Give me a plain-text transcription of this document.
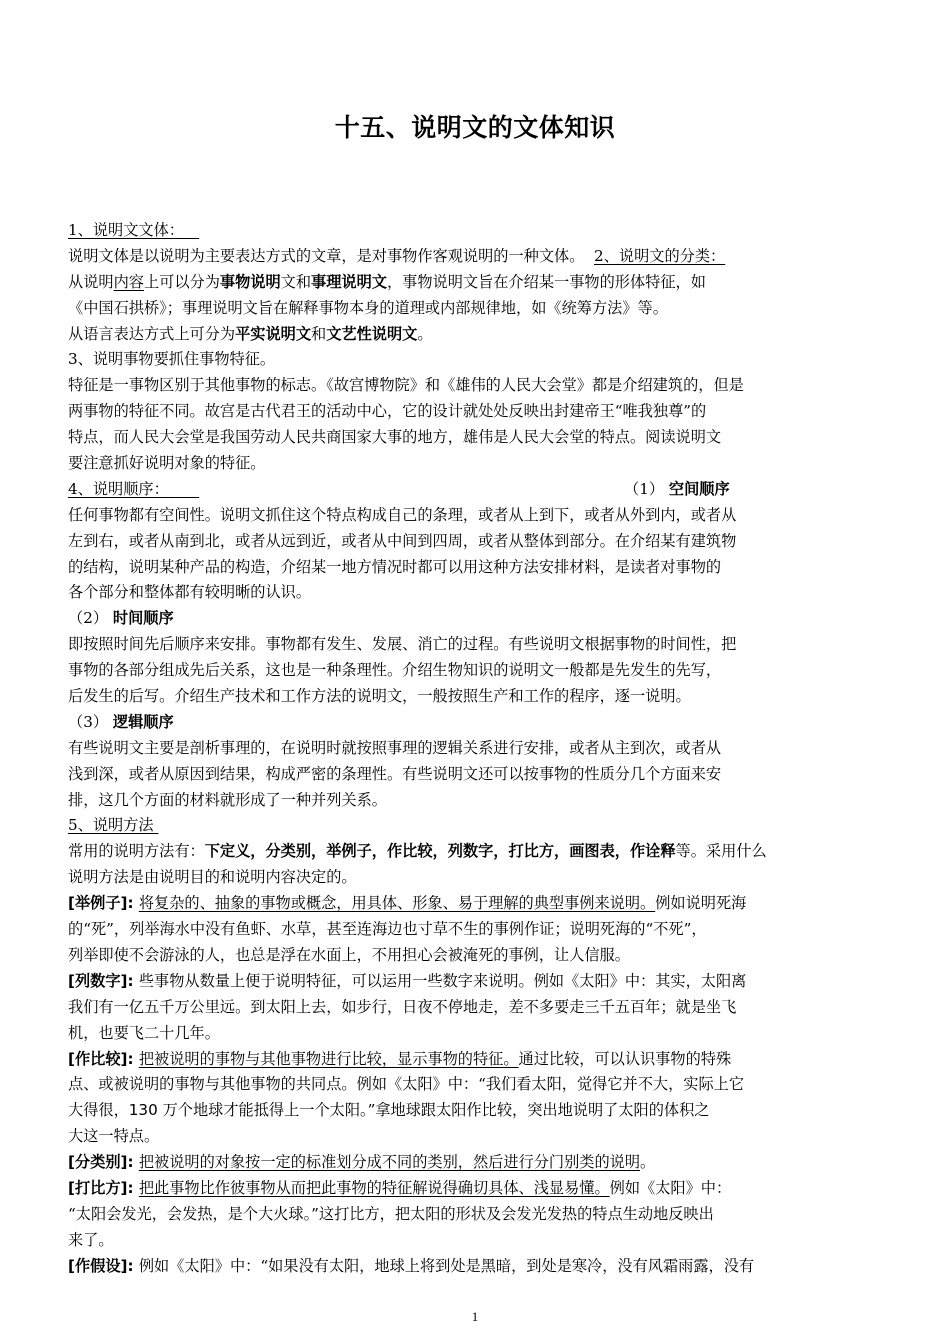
十五、说明文的文体知识
1、说明文文体： 
说明文体是以说明为主要表达方式的文章，是对事物作客观说明的一种文体。 2、说明文的分类：
从说明内容上可以分为事物说明文和事理说明文，事物说明文旨在介绍某一事物的形体特征，如
《中国石拱桥》；事理说明文旨在解释事物本身的道理或内部规律地，如《统筹方法》等。
从语言表达方式上可分为平实说明文和文艺性说明文。
3、说明事物要抓住事物特征。
特征是一事物区别于其他事物的标志。《故宫博物院》和《雄伟的人民大会堂》都是介绍建筑的，但是
两事物的特征不同。故宫是古代君王的活动中心，它的设计就处处反映出封建帝王“唯我独尊”的
特点，而人民大会堂是我国劳动人民共商国家大事的地方，雄伟是人民大会堂的特点。阅读说明文
要注意抓好说明对象的特征。
4、说明顺序：  	（1） 空间顺序
任何事物都有空间性。说明文抓住这个特点构成自己的条理，或者从上到下，或者从外到内，或者从
左到右，或者从南到北，或者从远到近，或者从中间到四周，或者从整体到部分。在介绍某有建筑物
的结构，说明某种产品的构造，介绍某一地方情况时都可以用这种方法安排材料，是读者对事物的
各个部分和整体都有较明晰的认识。
（2） 时间顺序
即按照时间先后顺序来安排。事物都有发生、发展、消亡的过程。有些说明文根据事物的时间性，把
事物的各部分组成先后关系，这也是一种条理性。介绍生物知识的说明文一般都是先发生的先写，
后发生的后写。介绍生产技术和工作方法的说明文，一般按照生产和工作的程序，逐一说明。
（3） 逻辑顺序
有些说明文主要是剖析事理的，在说明时就按照事理的逻辑关系进行安排，或者从主到次，或者从
浅到深，或者从原因到结果，构成严密的条理性。有些说明文还可以按事物的性质分几个方面来安
排，这几个方面的材料就形成了一种并列关系。
5、说明方法
常用的说明方法有：下定义，分类别，举例子，作比较，列数字，打比方，画图表，作诠释等。采用什么
说明方法是由说明目的和说明内容决定的。
[举例子]: 将复杂的、抽象的事物或概念，用具体、形象、易于理解的典型事例来说明。例如说明死海
的“死”，列举海水中没有鱼虾、水草，甚至连海边也寸草不生的事例作证；说明死海的“不死”，
列举即使不会游泳的人，也总是浮在水面上，不用担心会被淹死的事例，让人信服。
[列数字]: 些事物从数量上便于说明特征，可以运用一些数字来说明。例如《太阳》中：其实，太阳离
我们有一亿五千万公里远。到太阳上去，如步行，日夜不停地走，差不多要走三千五百年；就是坐飞
机，也要飞二十几年。
[作比较]: 把被说明的事物与其他事物进行比较，显示事物的特征。通过比较，可以认识事物的特殊
点、或被说明的事物与其他事物的共同点。例如《太阳》中：“我们看太阳，觉得它并不大，实际上它
大得很，130 万个地球才能抵得上一个太阳。”拿地球跟太阳作比较，突出地说明了太阳的体积之
大这一特点。
[分类别]: 把被说明的对象按一定的标准划分成不同的类别，然后进行分门别类的说明。
[打比方]: 把此事物比作彼事物从而把此事物的特征解说得确切具体、浅显易懂。例如《太阳》中：
“太阳会发光，会发热，是个大火球。”这打比方，把太阳的形状及会发光发热的特点生动地反映出
来了。
[作假设]: 例如《太阳》中：“如果没有太阳，地球上将到处是黑暗，到处是寒冷，没有风霜雨露，没有
1
